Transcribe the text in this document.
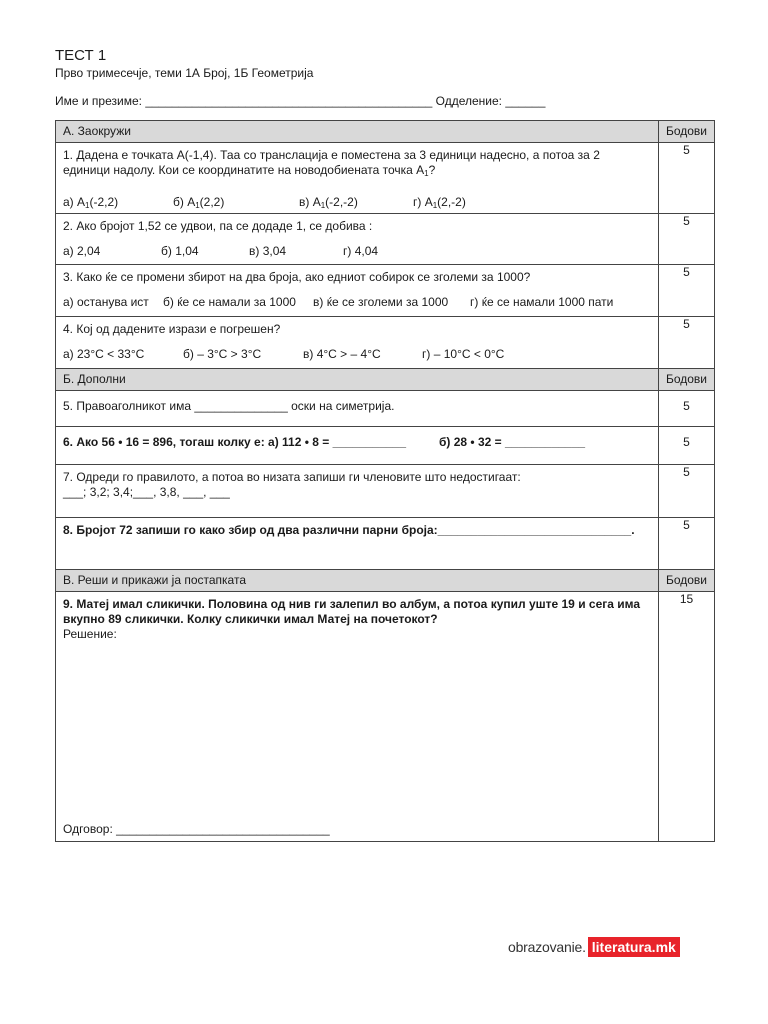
ТЕСТ 1
Прво тримесечје, теми 1А Број, 1Б Геометрија
Име и презиме: ___________________________________________ Одделение: ______
А. Заокружи	Бодови

1. Дадена е точката А(-1,4). Таа со транслација е поместена за 3 единици надесно, а потоа за 2
единици надолу. Кои се координатите на новодобиената точка $А_1$?
а) $А_1(-2,2)$ б) $А_1(2,2)$ в) $А_1(-2,-2)$ г) $А_1(2,-2)$	5

2. Ако бројот 1,52 се удвои, па се додаде 1, се добива :
а) 2,04 б) 1,04 в) 3,04 г) 4,04	5

3. Како ќе се промени збирот на два броја, ако едниот собирок се зголеми за 1000?
а) останува ист б) ќе се намали за 1000 в) ќе се зголеми за 1000 г) ќе се намали 1000 пати	5

4. Кој од дадените изрази е погрешен?
а) 23°С < 33°С б) – 3°С > 3°С в) 4°С > – 4°С г) – 10°С < 0°С	5
Б. Дополни	Бодови
5. Правоаголникот има ______________ оски на симетрија.	5
6. Ако 56 • 16 = 896, тогаш колку е: а) 112 • 8 = ___________ б) 28 • 32 = ____________	5

7. Одреди го правилото, а потоа во низата запиши ги членовите што недостигаат:
___; 3,2; 3,4;___, 3,8, ___, ___	5
8. Бројот 72 запиши го како збир од два различни парни броја:_____________________________.	5
В. Реши и прикажи ја постапката	Бодови

9. Матеј имал сликички. Половина од нив ги залепил во албум, а потоа купил уште 19 и сега има
вкупно 89 сликички. Колку сликички имал Матеј на почетокот?
Решение:
Одговор: ________________________________	15
obrazovanie. literatura.mk
